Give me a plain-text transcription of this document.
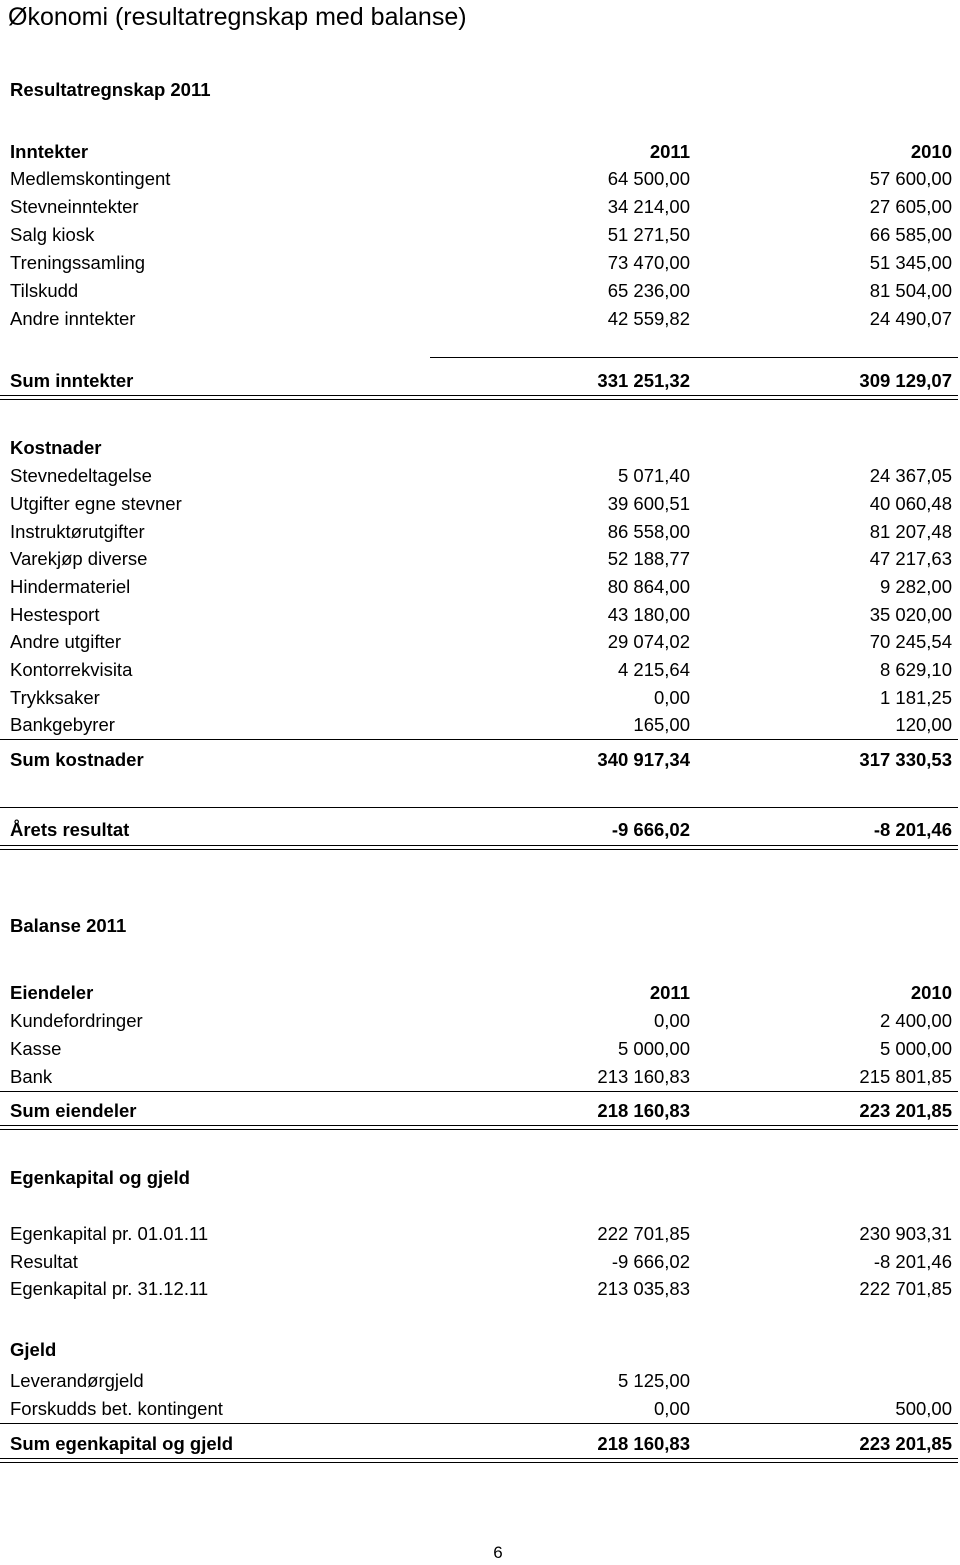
Økonomi (resultatregnskap med balanse)
Resultatregnskap 2011
Inntekter	2011	2010
Medlemskontingent	64 500,00	57 600,00
Stevneinntekter	34 214,00	27 605,00
Salg kiosk	51 271,50	66 585,00
Treningssamling	73 470,00	51 345,00
Tilskudd	65 236,00	81 504,00
Andre inntekter	42 559,82	24 490,07
Sum inntekter	331 251,32	309 129,07
Kostnader
Stevnedeltagelse	5 071,40	24 367,05
Utgifter egne stevner	39 600,51	40 060,48
Instruktørutgifter	86 558,00	81 207,48
Varekjøp diverse	52 188,77	47 217,63
Hindermateriel	80 864,00	9 282,00
Hestesport	43 180,00	35 020,00
Andre utgifter	29 074,02	70 245,54
Kontorrekvisita	4 215,64	8 629,10
Trykksaker	0,00	1 181,25
Bankgebyrer	165,00	120,00
Sum kostnader	340 917,34	317 330,53
Årets resultat	-9 666,02	-8 201,46
Balanse 2011
Eiendeler	2011	2010
Kundefordringer	0,00	2 400,00
Kasse	5 000,00	5 000,00
Bank	213 160,83	215 801,85
Sum eiendeler	218 160,83	223 201,85
Egenkapital og gjeld
Egenkapital pr. 01.01.11	222 701,85	230 903,31
Resultat	-9 666,02	-8 201,46
Egenkapital pr. 31.12.11	213 035,83	222 701,85
Gjeld
Leverandørgjeld	5 125,00
Forskudds bet. kontingent	0,00	500,00
Sum egenkapital og gjeld	218 160,83	223 201,85
6
